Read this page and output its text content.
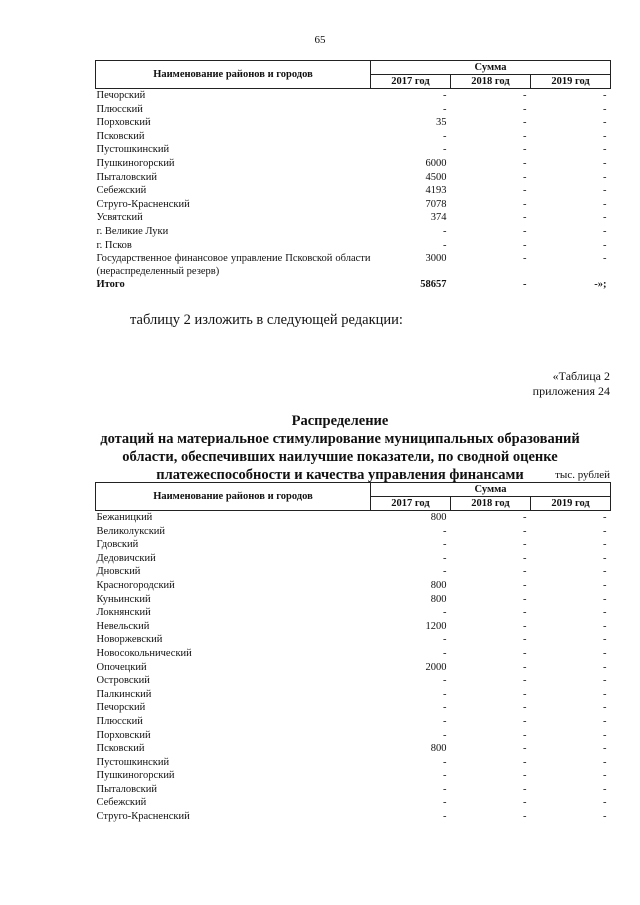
65
Наименование районов и городов	Сумма		
	2017 год	2018 год	2019 год
Печорский	-	-	-
Плюсский	-	-	-
Порховский	35	-	-
Псковский	-	-	-
Пустошкинский	-	-	-
Пушкиногорский	6000	-	-
Пыталовский	4500	-	-
Себежский	4193	-	-
Струго-Красненский	7078	-	-
Усвятский	374	-	-
г. Великие Луки	-	-	-
г. Псков	-	-	-
Государственное финансовое управление Псковской области (нераспределенный резерв)	3000	-	-
Итого	58657	-	-»;
таблицу 2 изложить в следующей редакции:
«Таблица 2
приложения 24
Распределение
дотаций на материальное стимулирование муниципальных образований
области, обеспечивших наилучшие показатели, по сводной оценке
платежеспособности и качества управления финансами	тыс. рублей
Наименование районов и городов	Сумма		
	2017 год	2018 год	2019 год
Бежаницкий	800	-	-
Великолукский	-	-	-
Гдовский	-	-	-
Дедовичский	-	-	-
Дновский	-	-	-
Красногородский	800	-	-
Куньинский	800	-	-
Локнянский	-	-	-
Невельский	1200	-	-
Новоржевский	-	-	-
Новосокольнический	-	-	-
Опочецкий	2000	-	-
Островский	-	-	-
Палкинский	-	-	-
Печорский	-	-	-
Плюсский	-	-	-
Порховский	-	-	-
Псковский	800	-	-
Пустошкинский	-	-	-
Пушкиногорский	-	-	-
Пыталовский	-	-	-
Себежский	-	-	-
Струго-Красненский	-	-	-
